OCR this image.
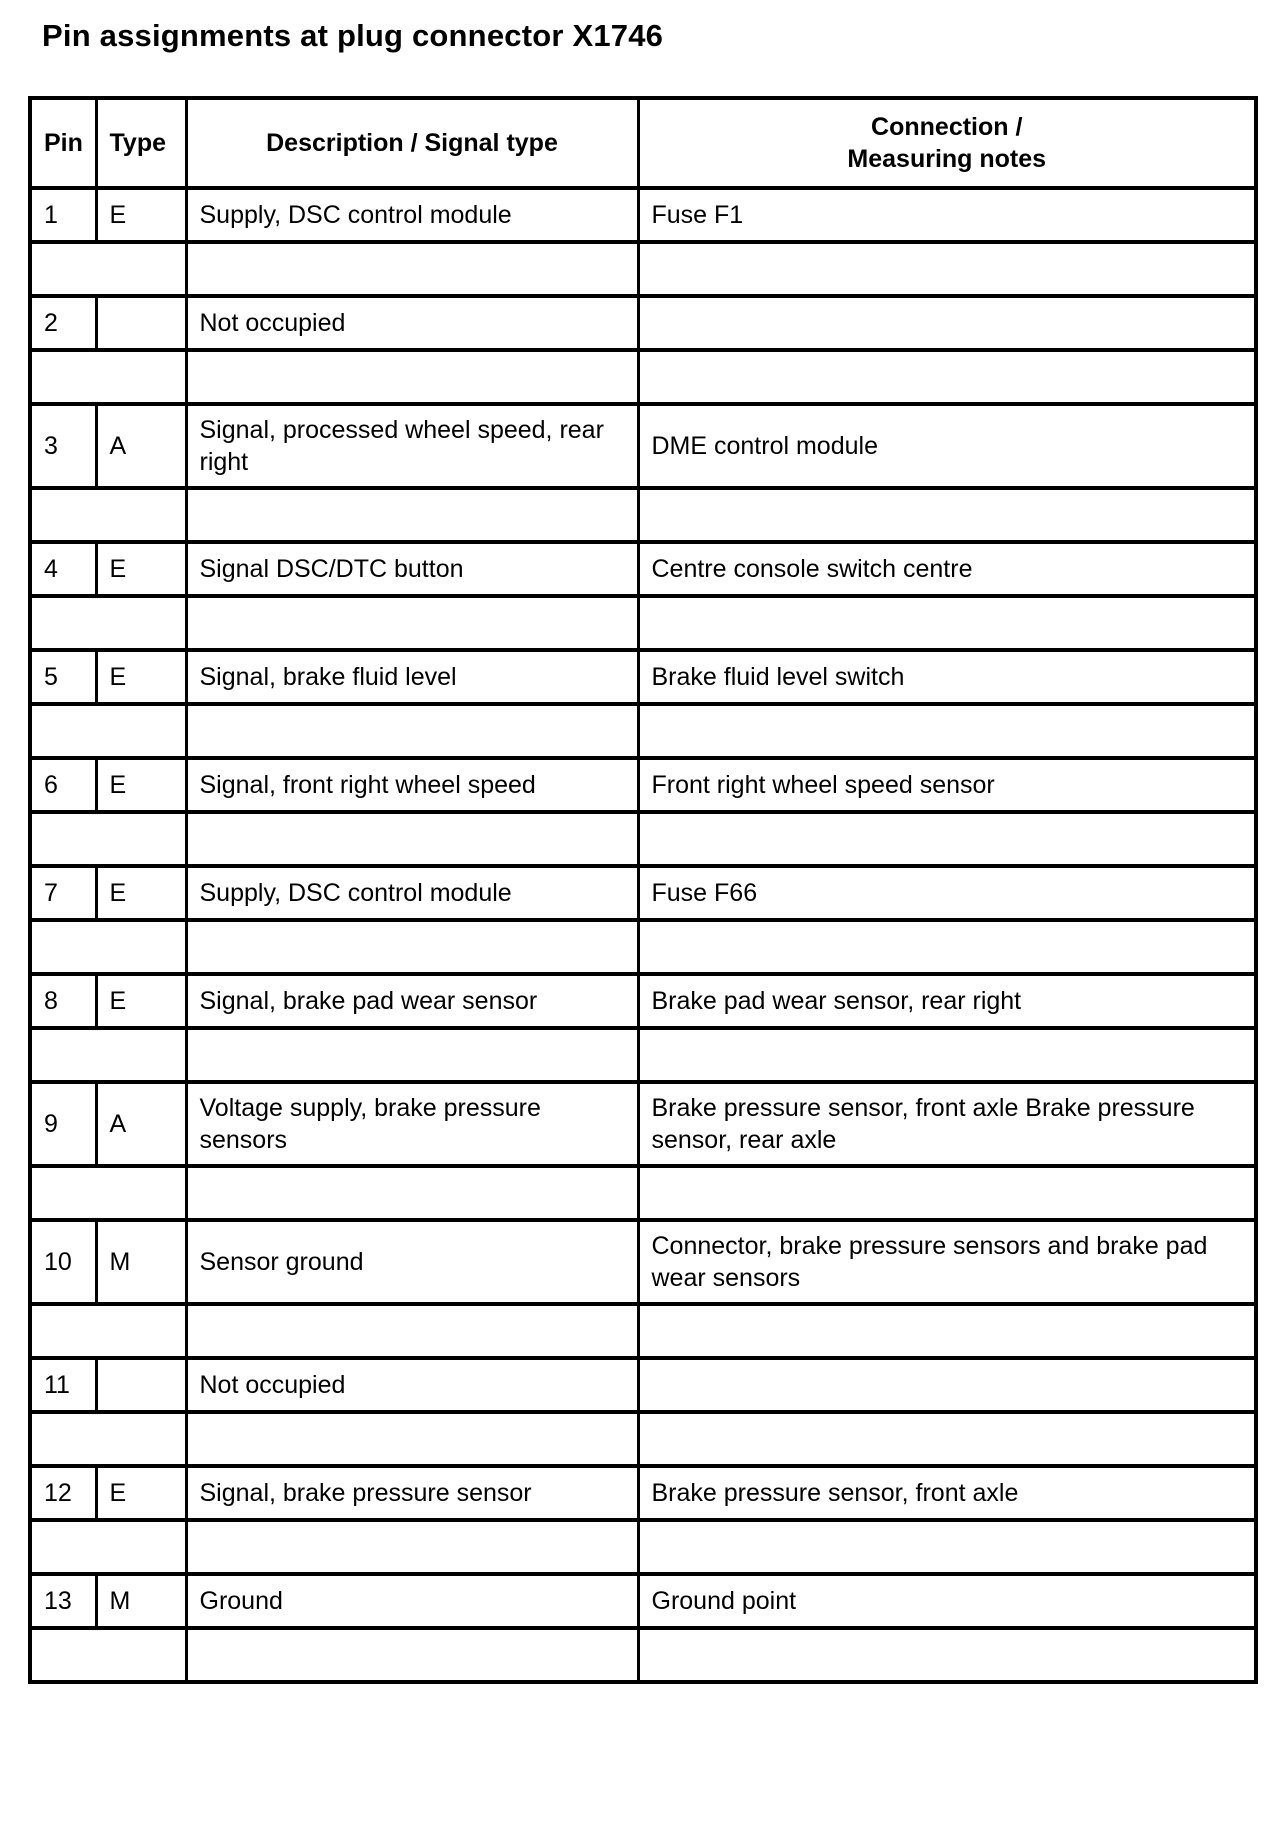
Pin assignments at plug connector X1746
Pin	Type	Description / Signal type	Connection /
Measuring notes

1	E	Supply, DSC control module	Fuse F1

2		Not occupied	

3	A	Signal, processed wheel speed, rear right	DME control module

4	E	Signal DSC/DTC button	Centre console switch centre

5	E	Signal, brake fluid level	Brake fluid level switch

6	E	Signal, front right wheel speed	Front right wheel speed sensor

7	E	Supply, DSC control module	Fuse F66

8	E	Signal, brake pad wear sensor	Brake pad wear sensor, rear right

9	A	Voltage supply, brake pressure sensors	Brake pressure sensor, front axle Brake pressure sensor, rear axle

10	M	Sensor ground	Connector, brake pressure sensors and brake pad wear sensors

11		Not occupied	

12	E	Signal, brake pressure sensor	Brake pressure sensor, front axle

13	M	Ground	Ground point
